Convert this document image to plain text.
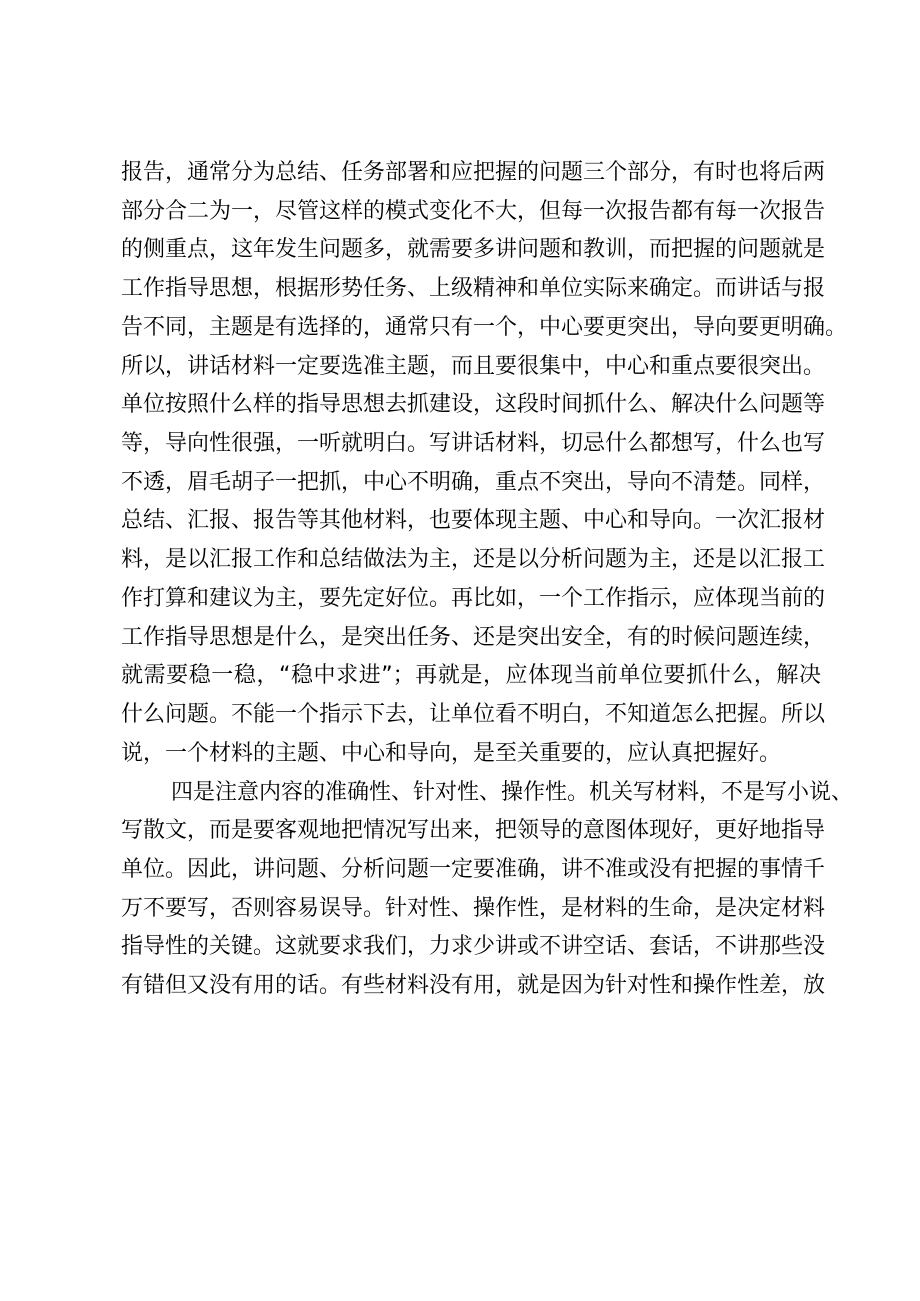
报告，通常分为总结、任务部署和应把握的问题三个部分，有时也将后两
部分合二为一，尽管这样的模式变化不大，但每一次报告都有每一次报告
的侧重点，这年发生问题多，就需要多讲问题和教训，而把握的问题就是
工作指导思想，根据形势任务、上级精神和单位实际来确定。而讲话与报
告不同，主题是有选择的，通常只有一个，中心要更突出，导向要更明确。
所以，讲话材料一定要选准主题，而且要很集中，中心和重点要很突出。
单位按照什么样的指导思想去抓建设，这段时间抓什么、解决什么问题等
等，导向性很强，一听就明白。写讲话材料，切忌什么都想写，什么也写
不透，眉毛胡子一把抓，中心不明确，重点不突出，导向不清楚。同样，
总结、汇报、报告等其他材料，也要体现主题、中心和导向。一次汇报材
料，是以汇报工作和总结做法为主，还是以分析问题为主，还是以汇报工
作打算和建议为主，要先定好位。再比如，一个工作指示，应体现当前的
工作指导思想是什么，是突出任务、还是突出安全，有的时候问题连续，
就需要稳一稳，“稳中求进”；再就是，应体现当前单位要抓什么，解决
什么问题。不能一个指示下去，让单位看不明白，不知道怎么把握。所以
说，一个材料的主题、中心和导向，是至关重要的，应认真把握好。
四是注意内容的准确性、针对性、操作性。机关写材料，不是写小说、
写散文，而是要客观地把情况写出来，把领导的意图体现好，更好地指导
单位。因此，讲问题、分析问题一定要准确，讲不准或没有把握的事情千
万不要写，否则容易误导。针对性、操作性，是材料的生命，是决定材料
指导性的关键。这就要求我们，力求少讲或不讲空话、套话，不讲那些没
有错但又没有用的话。有些材料没有用，就是因为针对性和操作性差，放
